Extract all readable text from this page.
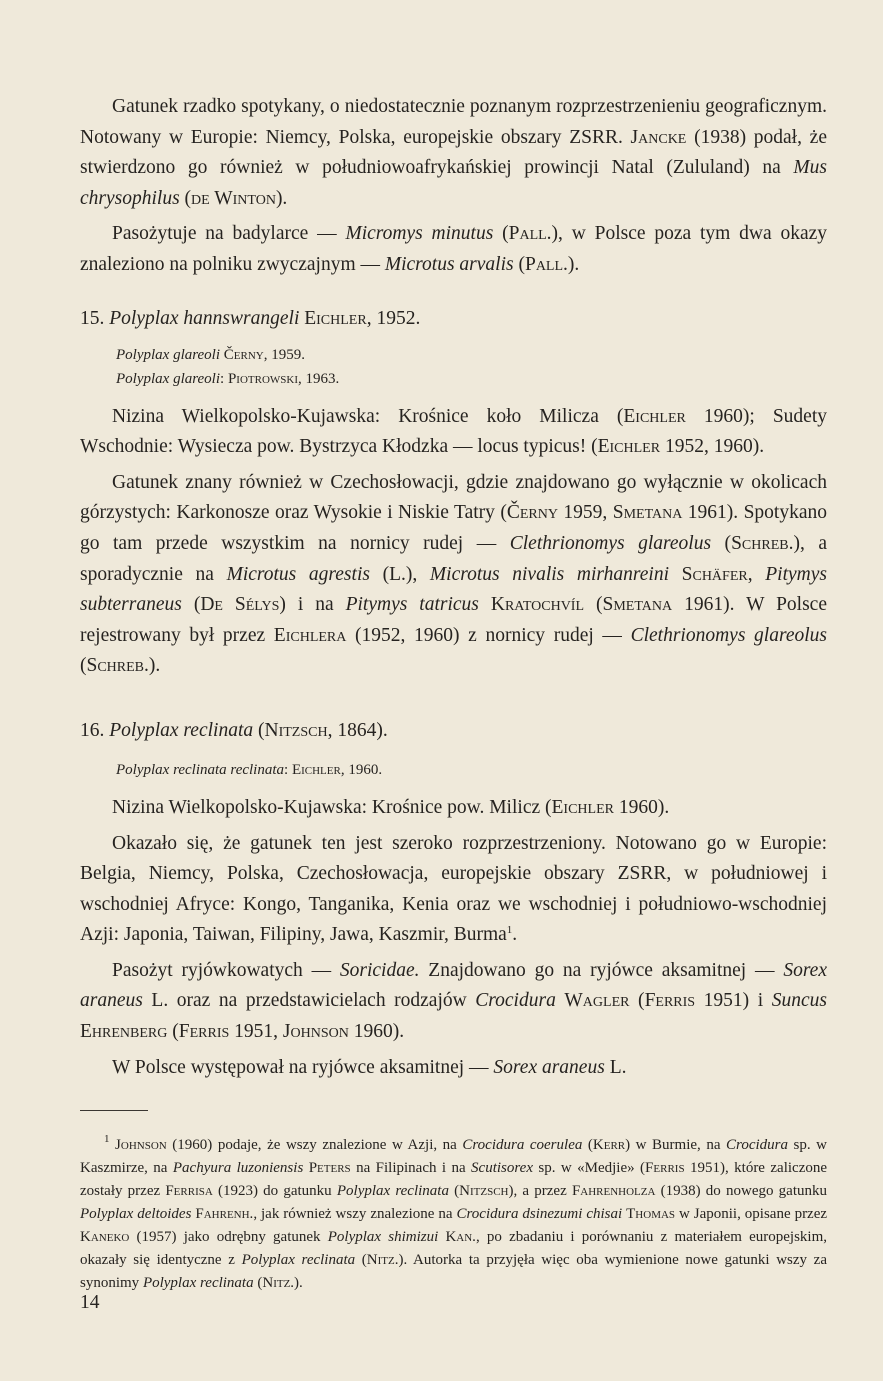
Gatunek rzadko spotykany, o niedostatecznie poznanym rozprzestrzenieniu geograficznym. Notowany w Europie: Niemcy, Polska, europejskie obszary ZSRR. Jancke (1938) podał, że stwierdzono go również w południowoafrykańskiej prowincji Natal (Zululand) na Mus chrysophilus (de Winton).

Pasożytuje na badylarce — Micromys minutus (Pall.), w Polsce poza tym dwa okazy znaleziono na polniku zwyczajnym — Microtus arvalis (Pall.).

15. Polyplax hannswrangeli Eichler, 1952.

Polyplax glareoli Černy, 1959.

Polyplax glareoli: Piotrowski, 1963.

Nizina Wielkopolsko-Kujawska: Krośnice koło Milicza (Eichler 1960); Sudety Wschodnie: Wysiecza pow. Bystrzyca Kłodzka — locus typicus! (Eichler 1952, 1960).

Gatunek znany również w Czechosłowacji, gdzie znajdowano go wyłącznie w okolicach górzystych: Karkonosze oraz Wysokie i Niskie Tatry (Černy 1959, Smetana 1961). Spotykano go tam przede wszystkim na nornicy rudej — Clethrionomys glareolus (Schreb.), a sporadycznie na Microtus agrestis (L.), Microtus nivalis mirhanreini Schäfer, Pitymys subterraneus (De Sélys) i na Pitymys tatricus Kratochvíl (Smetana 1961). W Polsce rejestrowany był przez Eichlera (1952, 1960) z nornicy rudej — Clethrionomys glareolus (Schreb.).

16. Polyplax reclinata (Nitzsch, 1864).

Polyplax reclinata reclinata: Eichler, 1960.

Nizina Wielkopolsko-Kujawska: Krośnice pow. Milicz (Eichler 1960).

Okazało się, że gatunek ten jest szeroko rozprzestrzeniony. Notowano go w Europie: Belgia, Niemcy, Polska, Czechosłowacja, europejskie obszary ZSRR, w południowej i wschodniej Afryce: Kongo, Tanganika, Kenia oraz we wschodniej i południowo-wschodniej Azji: Japonia, Taiwan, Filipiny, Jawa, Kaszmir, Burma$^1$.

Pasożyt ryjówkowatych — Soricidae. Znajdowano go na ryjówce aksamitnej — Sorex araneus L. oraz na przedstawicielach rodzajów Crocidura Wagler (Ferris 1951) i Suncus Ehrenberg (Ferris 1951, Johnson 1960).

W Polsce występował na ryjówce aksamitnej — Sorex araneus L.

$^1$ Johnson (1960) podaje, że wszy znalezione w Azji, na Crocidura coerulea (Kerr) w Burmie, na Crocidura sp. w Kaszmirze, na Pachyura luzoniensis Peters na Filipinach i na Scutisorex sp. w «Medjie» (Ferris 1951), które zaliczone zostały przez Ferrisa (1923) do gatunku Polyplax reclinata (Nitzsch), a przez Fahrenholza (1938) do nowego gatunku Polyplax deltoides Fahrenh., jak również wszy znalezione na Crocidura dsinezumi chisai Thomas w Japonii, opisane przez Kaneko (1957) jako odrębny gatunek Polyplax shimizui Kan., po zbadaniu i porównaniu z materiałem europejskim, okazały się identyczne z Polyplax reclinata (Nitz.). Autorka ta przyjęła więc oba wymienione nowe gatunki wszy za synonimy Polyplax reclinata (Nitz.).

14
